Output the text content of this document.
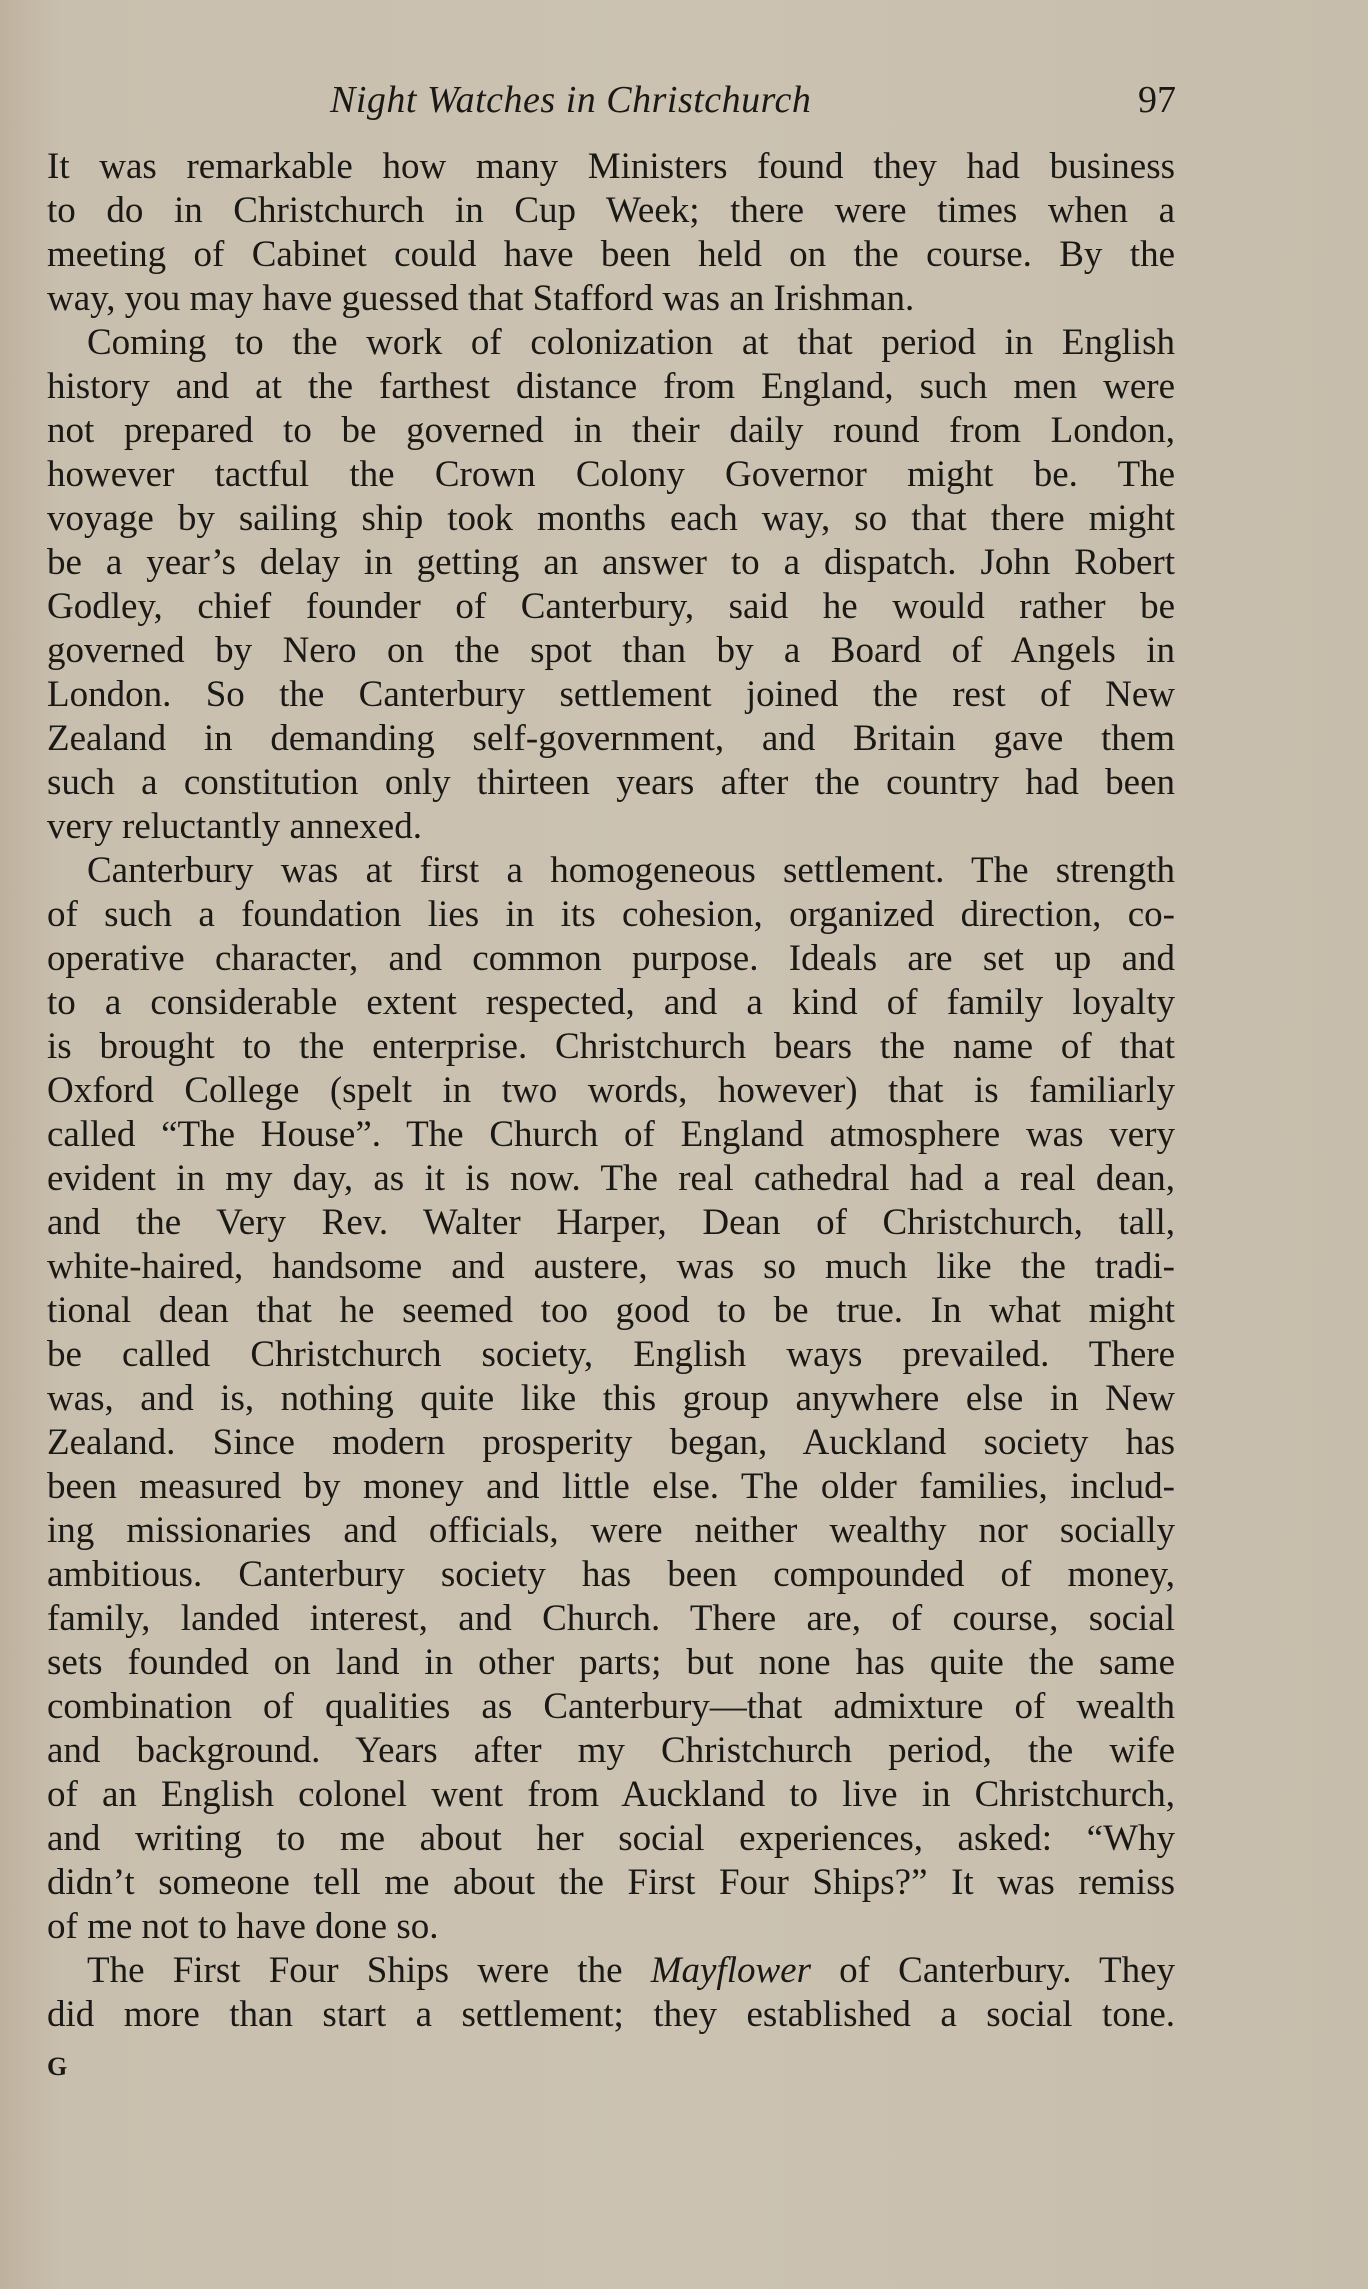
Night Watches in Christchurch	97
It was remarkable how many Ministers found they had business
to do in Christchurch in Cup Week; there were times when a
meeting of Cabinet could have been held on the course. By the
way, you may have guessed that Stafford was an Irishman.
Coming to the work of colonization at that period in English
history and at the farthest distance from England, such men were
not prepared to be governed in their daily round from London,
however tactful the Crown Colony Governor might be. The
voyage by sailing ship took months each way, so that there might
be a year’s delay in getting an answer to a dispatch. John Robert
Godley, chief founder of Canterbury, said he would rather be
governed by Nero on the spot than by a Board of Angels in
London. So the Canterbury settlement joined the rest of New
Zealand in demanding self-government, and Britain gave them
such a constitution only thirteen years after the country had been
very reluctantly annexed.
Canterbury was at first a homogeneous settlement. The strength
of such a foundation lies in its cohesion, organized direction, co-
operative character, and common purpose. Ideals are set up and
to a considerable extent respected, and a kind of family loyalty
is brought to the enterprise. Christchurch bears the name of that
Oxford College (spelt in two words, however) that is familiarly
called “The House”. The Church of England atmosphere was very
evident in my day, as it is now. The real cathedral had a real dean,
and the Very Rev. Walter Harper, Dean of Christchurch, tall,
white-haired, handsome and austere, was so much like the tradi-
tional dean that he seemed too good to be true. In what might
be called Christchurch society, English ways prevailed. There
was, and is, nothing quite like this group anywhere else in New
Zealand. Since modern prosperity began, Auckland society has
been measured by money and little else. The older families, includ-
ing missionaries and officials, were neither wealthy nor socially
ambitious. Canterbury society has been compounded of money,
family, landed interest, and Church. There are, of course, social
sets founded on land in other parts; but none has quite the same
combination of qualities as Canterbury—that admixture of wealth
and background. Years after my Christchurch period, the wife
of an English colonel went from Auckland to live in Christchurch,
and writing to me about her social experiences, asked: “Why
didn’t someone tell me about the First Four Ships?” It was remiss
of me not to have done so.
The First Four Ships were the Mayflower of Canterbury. They
did more than start a settlement; they established a social tone.
G
